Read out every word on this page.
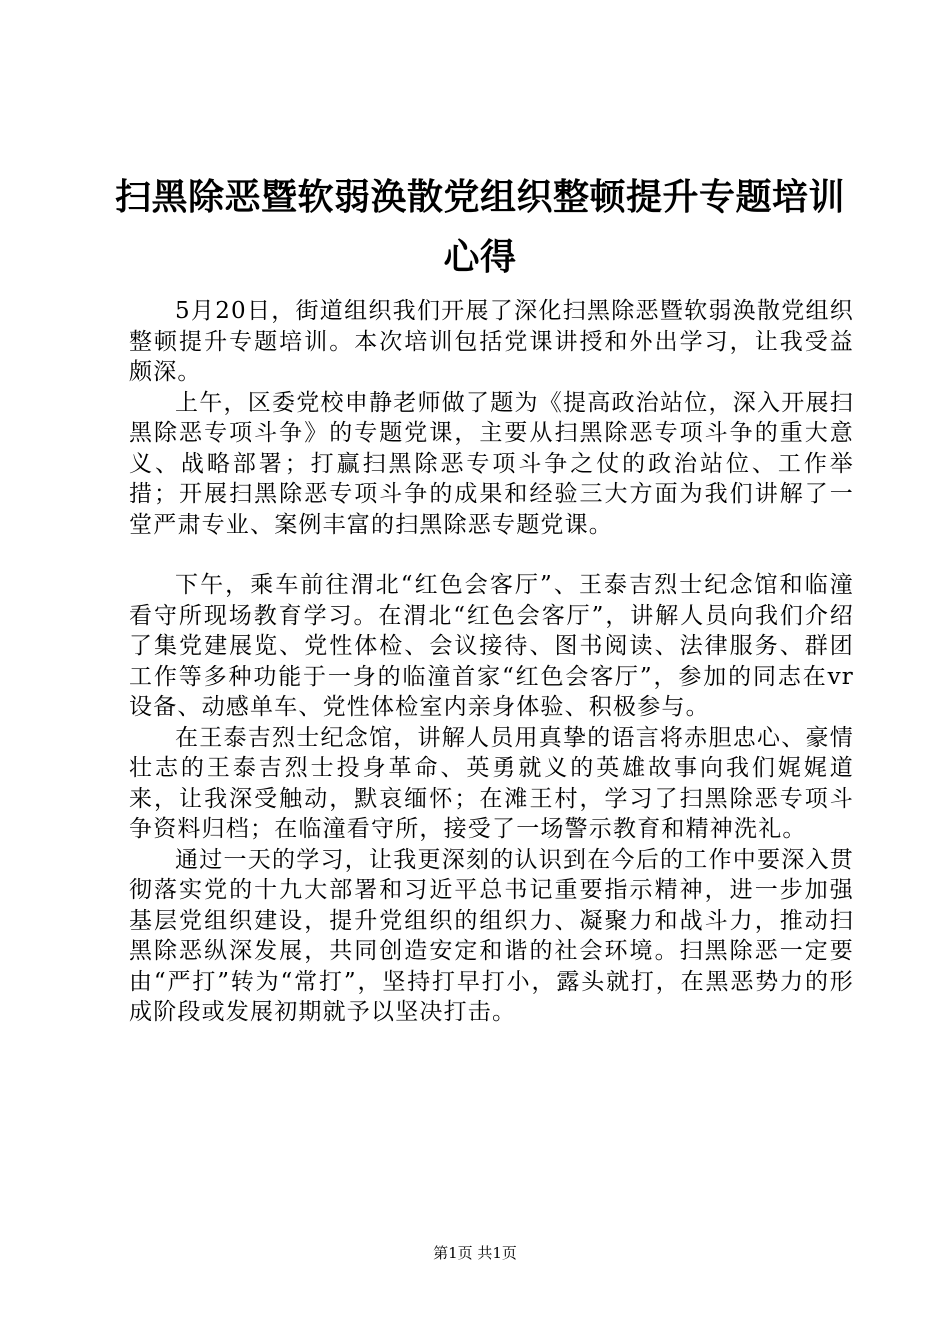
扫黑除恶暨软弱涣散党组织整顿提升专题培训心得

5月20日，街道组织我们开展了深化扫黑除恶暨软弱涣散党组织整顿提升专题培训。本次培训包括党课讲授和外出学习，让我受益颇深。

上午，区委党校申静老师做了题为《提高政治站位，深入开展扫黑除恶专项斗争》的专题党课，主要从扫黑除恶专项斗争的重大意义、战略部署；打赢扫黑除恶专项斗争之仗的政治站位、工作举措；开展扫黑除恶专项斗争的成果和经验三大方面为我们讲解了一堂严肃专业、案例丰富的扫黑除恶专题党课。

下午，乘车前往渭北“红色会客厅”、王泰吉烈士纪念馆和临潼看守所现场教育学习。在渭北“红色会客厅”，讲解人员向我们介绍了集党建展览、党性体检、会议接待、图书阅读、法律服务、群团工作等多种功能于一身的临潼首家“红色会客厅”，参加的同志在vr设备、动感单车、党性体检室内亲身体验、积极参与。

在王泰吉烈士纪念馆，讲解人员用真挚的语言将赤胆忠心、豪情壮志的王泰吉烈士投身革命、英勇就义的英雄故事向我们娓娓道来，让我深受触动，默哀缅怀；在滩王村，学习了扫黑除恶专项斗争资料归档；在临潼看守所，接受了一场警示教育和精神洗礼。

通过一天的学习，让我更深刻的认识到在今后的工作中要深入贯彻落实党的十九大部署和习近平总书记重要指示精神，进一步加强基层党组织建设，提升党组织的组织力、凝聚力和战斗力，推动扫黑除恶纵深发展，共同创造安定和谐的社会环境。扫黑除恶一定要由“严打”转为“常打”，坚持打早打小，露头就打，在黑恶势力的形成阶段或发展初期就予以坚决打击。

第1页 共1页
